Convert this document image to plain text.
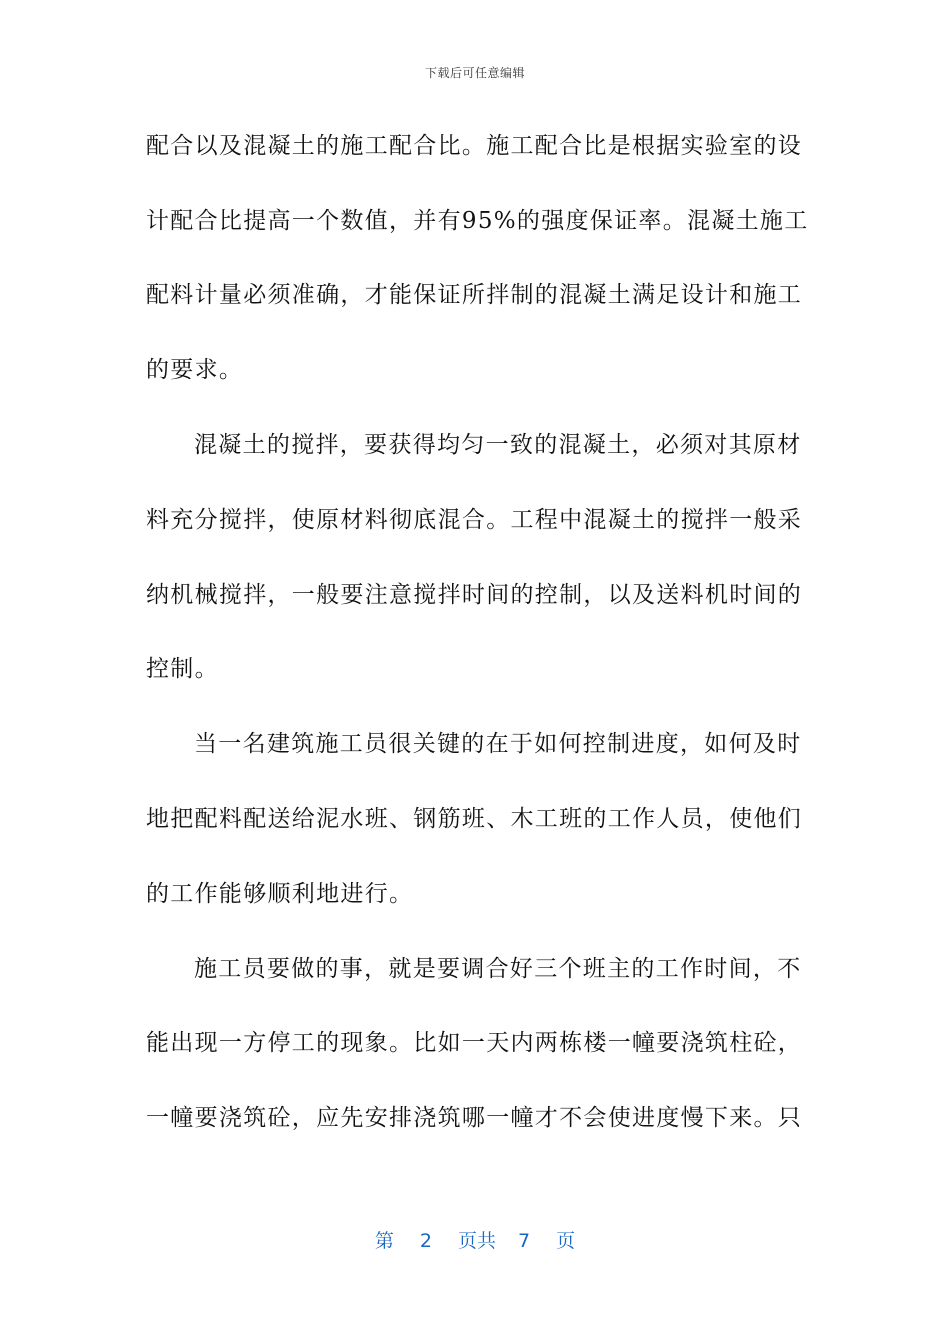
下载后可任意编辑
配合以及混凝土的施工配合比。施工配合比是根据实验室的设
计配合比提高一个数值，并有95%的强度保证率。混凝土施工
配料计量必须准确，才能保证所拌制的混凝土满足设计和施工
的要求。
混凝土的搅拌，要获得均匀一致的混凝土，必须对其原材
料充分搅拌，使原材料彻底混合。工程中混凝土的搅拌一般采
纳机械搅拌，一般要注意搅拌时间的控制，以及送料机时间的
控制。
当一名建筑施工员很关键的在于如何控制进度，如何及时
地把配料配送给泥水班、钢筋班、木工班的工作人员，使他们
的工作能够顺利地进行。
施工员要做的事，就是要调合好三个班主的工作时间，不
能出现一方停工的现象。比如一天内两栋楼一幢要浇筑柱砼，
一幢要浇筑砼，应先安排浇筑哪一幢才不会使进度慢下来。只
第 2 页共 7 页
